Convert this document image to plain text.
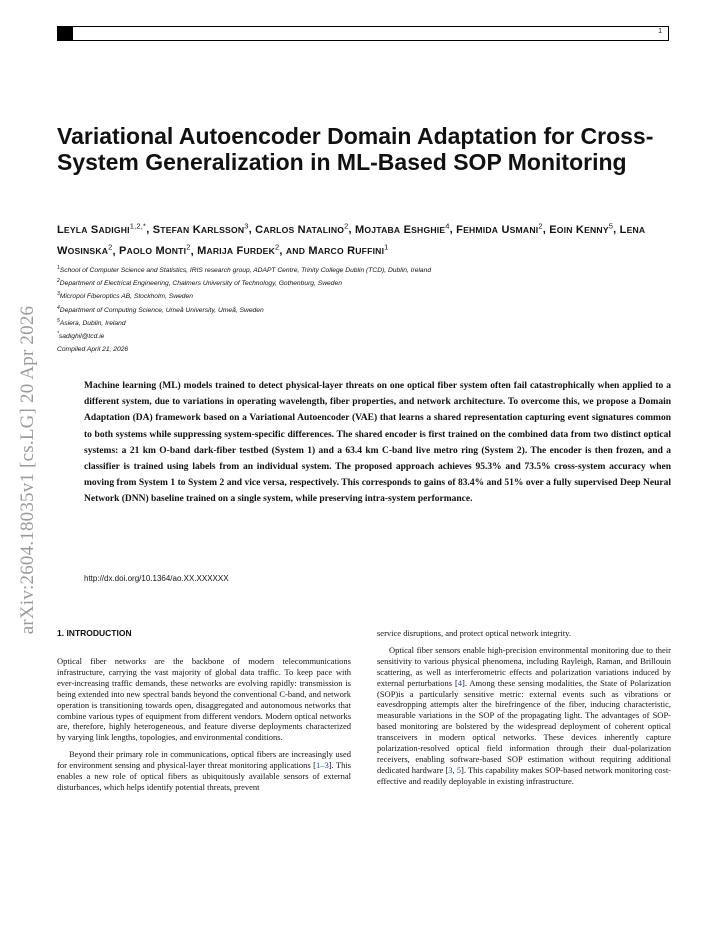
1
arXiv:2604.18035v1 [cs.LG] 20 Apr 2026
Variational Autoencoder Domain Adaptation for Cross-System Generalization in ML-Based SOP Monitoring
LEYLA $SADIGHI^{1,2,*}$, STEFAN KARLSSON$^3$, CARLOS NATALINO$^2$, MOJTABA ESHGHIE$^4$, FEHMIDA USMANI$^2$, EOIN KENNY$^5$, LENA WOSINSKA$^2$, PAOLO MONTI$^2$, MARIJA FURDEK$^2$, AND MARCO RUFFINI$^1$
$^1$School of Computer Science and Statistics, IRIS research group, ADAPT Centre, Trinity College Dublin (TCD), Dublin, Ireland
$^2$Department of Electrical Engineering, Chalmers University of Technology, Gothenburg, Sweden
$^3$Micropol Fiberoptics AB, Stockholm, Sweden
$^4$Department of Computing Science, Umeå University, Umeå, Sweden
$^5$Asiera, Dublin, Ireland
*sadighil@tcd.ie
Compiled April 21, 2026

Machine learning (ML) models trained to detect physical-layer threats on one optical fiber system often fail catastrophically when applied to a different system, due to variations in operating wavelength, fiber properties, and network architecture. To overcome this, we propose a Domain Adaptation (DA) framework based on a Variational Autoencoder (VAE) that learns a shared representation capturing event signatures common to both systems while suppressing system-specific differences. The shared encoder is first trained on the combined data from two distinct optical systems: a 21 km O-band dark-fiber testbed (System 1) and a 63.4 km C-band live metro ring (System 2). The encoder is then frozen, and a classifier is trained using labels from an individual system. The proposed approach achieves 95.3% and 73.5% cross-system accuracy when moving from System 1 to System 2 and vice versa, respectively. This corresponds to gains of 83.4% and 51% over a fully supervised Deep Neural Network (DNN) baseline trained on a single system, while preserving intra-system performance.

http://dx.doi.org/10.1364/ao.XX.XXXXXX
1. INTRODUCTION

Optical fiber networks are the backbone of modern telecommunications infrastructure, carrying the vast majority of global data traffic. To keep pace with ever-increasing traffic demands, these networks are evolving rapidly: transmission is being extended into new spectral bands beyond the conventional C-band, and network operation is transitioning towards open, disaggregated and autonomous networks that combine various types of equipment from different vendors. Modern optical networks are, therefore, highly heterogeneous, and feature diverse deployments characterized by varying link lengths, topologies, and environmental conditions.

Beyond their primary role in communications, optical fibers are increasingly used for environment sensing and physical-layer threat monitoring applications [1–3]. This enables a new role of optical fibers as ubiquitously available sensors of external disturbances, which helps identify potential threats, prevent

service disruptions, and protect optical network integrity.

Optical fiber sensors enable high-precision environmental monitoring due to their sensitivity to various physical phenomena, including Rayleigh, Raman, and Brillouin scattering, as well as interferometric effects and polarization variations induced by external perturbations [4]. Among these sensing modalities, the State of Polarization (SOP)is a particularly sensitive metric: external events such as vibrations or eavesdropping attempts alter the birefringence of the fiber, inducing characteristic, measurable variations in the SOP of the propagating light. The advantages of SOP-based monitoring are bolstered by the widespread deployment of coherent optical transceivers in modern optical networks. These devices inherently capture polarization-resolved optical field information through their dual-polarization receivers, enabling software-based SOP estimation without requiring additional dedicated hardware [3, 5]. This capability makes SOP-based network monitoring cost-effective and readily deployable in existing infrastructure.
